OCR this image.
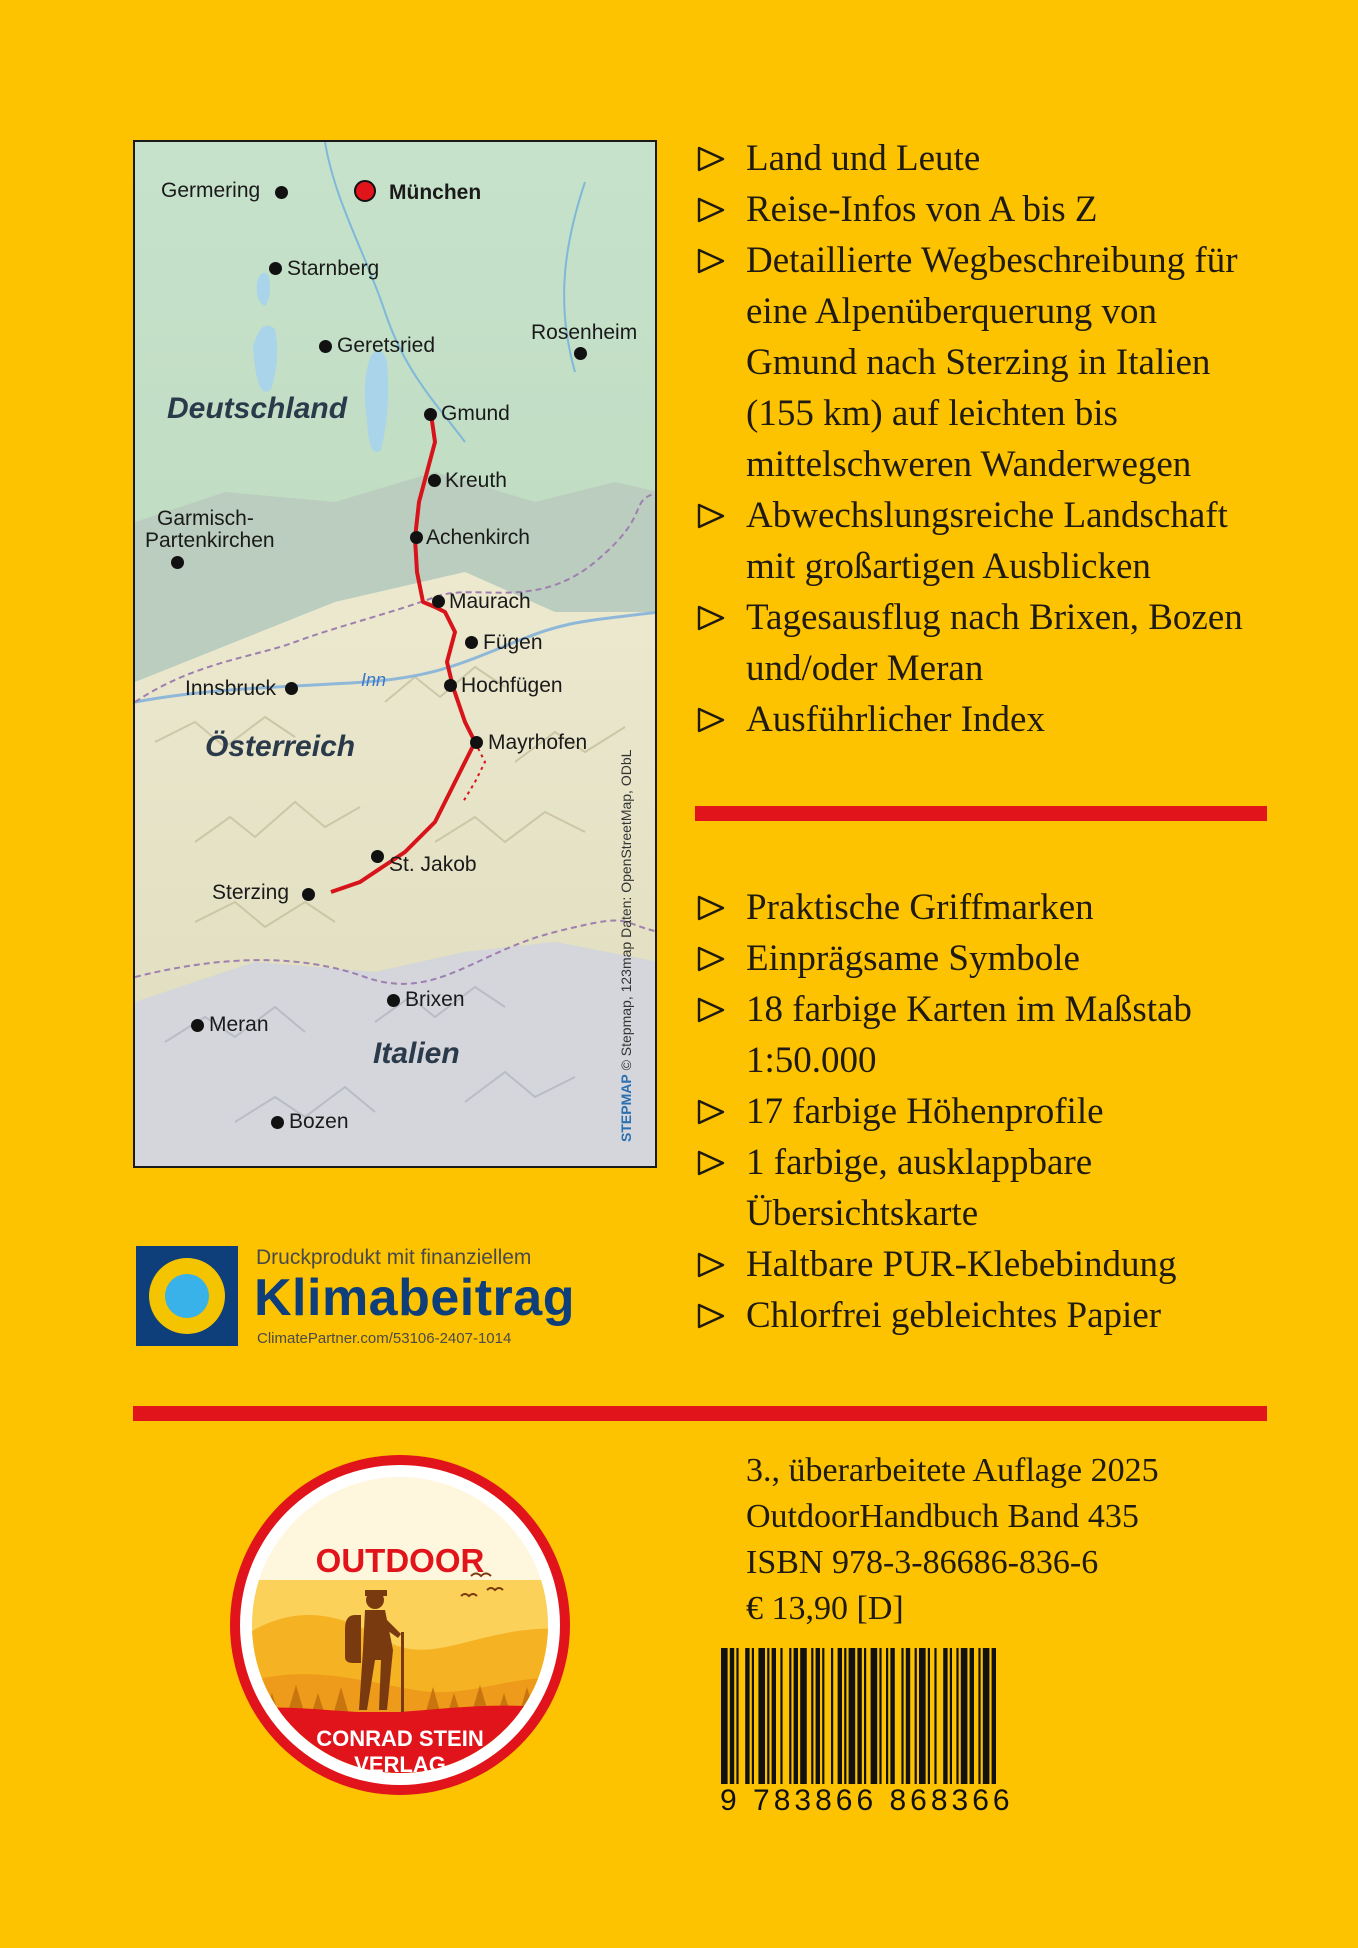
München
Germering
Starnberg
Geretsried
Rosenheim
Deutschland	Gmund
Kreuth
Garmisch-
Partenkirchen	Achenkirch
Maurach
Fügen
Innsbruck	Inn	Hochfügen
Österreich	Mayrhofen
St. Jakob
Sterzing
Brixen
Meran
Italien
Bozen	STEPMAP © Stepmap, 123map Daten: OpenStreetMap, ODbL
Land und Leute
Reise-Infos von A bis Z
Detaillierte Wegbeschreibung für eine Alpenüberquerung von Gmund nach Sterzing in Italien (155 km) auf leichten bis mittelschweren Wanderwegen
Abwechslungsreiche Landschaft mit großartigen Ausblicken
Tagesausflug nach Brixen, Bozen und/oder Meran
Ausführlicher Index
Praktische Griffmarken
Einprägsame Symbole
18 farbige Karten im Maßstab 1:50.000
17 farbige Höhenprofile
1 farbige, ausklappbare Übersichtskarte
Haltbare PUR-Klebebindung
Chlorfrei gebleichtes Papier
Druckprodukt mit finanziellem
Klimabeitrag
ClimatePartner.com/53106-2407-1014
OUTDOOR
CONRAD STEIN
VERLAG
3., überarbeitete Auflage 2025
OutdoorHandbuch Band 435
ISBN 978-3-86686-836-6
€ 13,90 [D]
9 783866 868366
